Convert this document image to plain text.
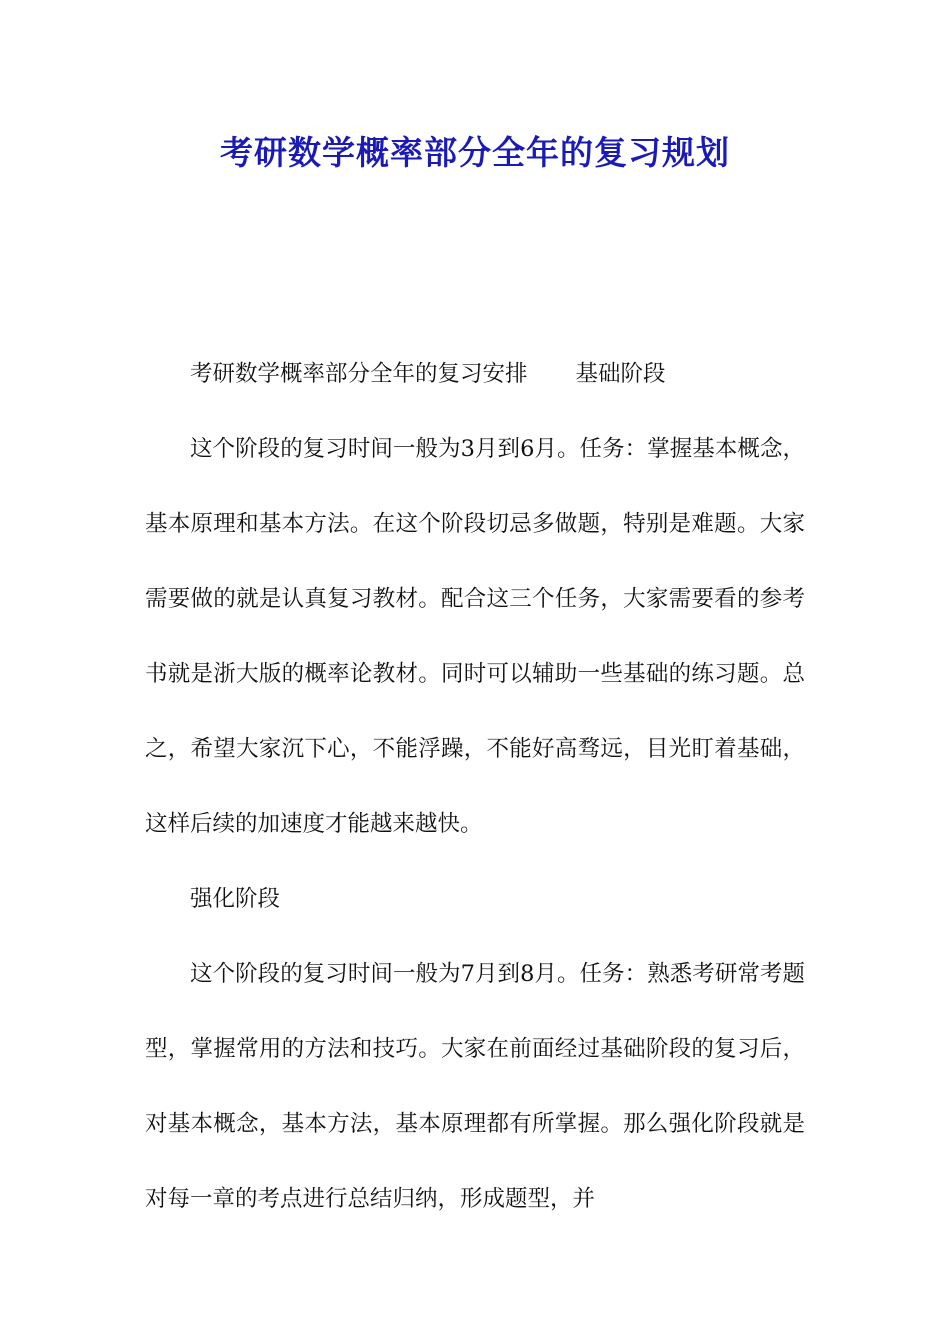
考研数学概率部分全年的复习规划

考研数学概率部分全年的复习安排 基础阶段

这个阶段的复习时间一般为3月到6月。任务：掌握基本概念，基本原理和基本方法。在这个阶段切忌多做题，特别是难题。大家需要做的就是认真复习教材。配合这三个任务，大家需要看的参考书就是浙大版的概率论教材。同时可以辅助一些基础的练习题。总之，希望大家沉下心，不能浮躁，不能好高骛远，目光盯着基础，这样后续的加速度才能越来越快。

强化阶段

这个阶段的复习时间一般为7月到8月。任务：熟悉考研常考题型，掌握常用的方法和技巧。大家在前面经过基础阶段的复习后，对基本概念，基本方法，基本原理都有所掌握。那么强化阶段就是对每一章的考点进行总结归纳，形成题型，并
